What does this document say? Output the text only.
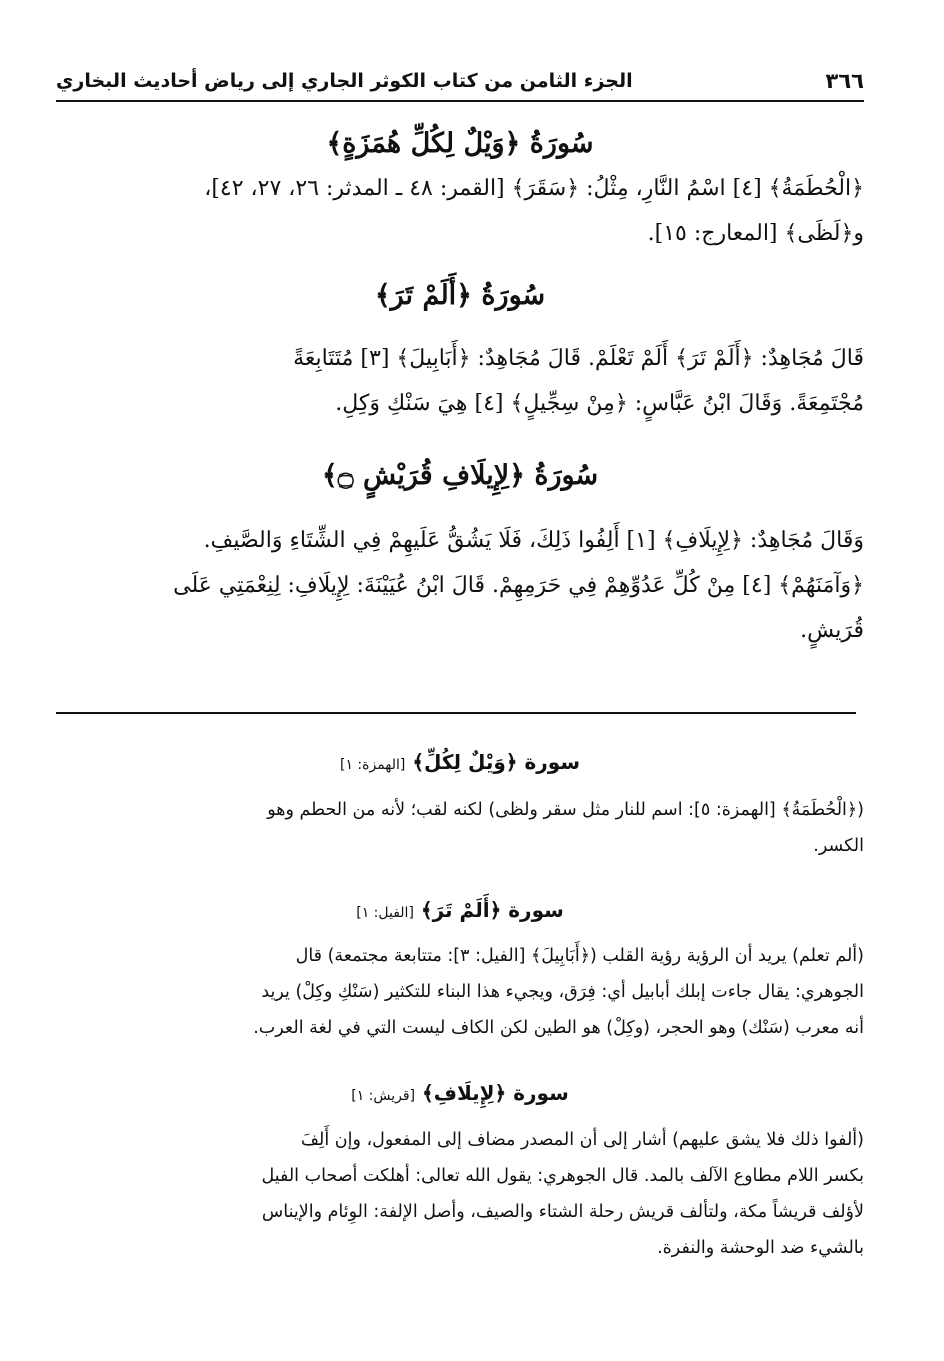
٣٦٦
الجزء الثامن من كتاب الكوثر الجاري إلى رياض أحاديث البخاري
سُورَةُ ﴿وَيْلٌ لِكُلِّ هُمَزَةٍ﴾
﴿الْحُطَمَةُ﴾ [٤] اسْمُ النَّارِ، مِثْلُ: ﴿سَقَرَ﴾ [القمر: ٤٨ ـ المدثر: ٢٦، ٢٧، ٤٢]،
و﴿لَظَى﴾ [المعارج: ١٥].
سُورَةُ ﴿أَلَمْ تَرَ﴾
قَالَ مُجَاهِدٌ: ﴿أَلَمْ تَرَ﴾ أَلَمْ تَعْلَمْ. قَالَ مُجَاهِدٌ: ﴿أَبَابِيلَ﴾ [٣] مُتَتَابِعَةً
مُجْتَمِعَةً. وَقَالَ ابْنُ عَبَّاسٍ: ﴿مِنْ سِجِّيلٍ﴾ [٤] هِيَ سَنْكِ وَكِلِ.
سُورَةُ ﴿لِإِيلَافِ قُرَيْشٍ ۝﴾
وَقَالَ مُجَاهِدٌ: ﴿لِإِيلَافِ﴾ [١] أَلِفُوا ذَلِكَ، فَلَا يَشُقُّ عَلَيهِمْ فِي الشِّتَاءِ وَالصَّيفِ.
﴿وَآمَنَهُمْ﴾ [٤] مِنْ كُلِّ عَدُوِّهِمْ فِي حَرَمِهِمْ. قَالَ ابْنُ عُيَيْنَةَ: لِإِيلَافِ: لِنِعْمَتِي عَلَى
قُرَيشٍ.
سورة ﴿وَيْلٌ لِكُلِّ﴾ [الهمزة: ١]
(﴿الْحُطَمَةُ﴾ [الهمزة: ٥]: اسم للنار مثل سقر ولظى) لكنه لقب؛ لأنه من الحطم وهو
الكسر.
سورة ﴿أَلَمْ تَرَ﴾ [الفيل: ١]
(ألم تعلم) يريد أن الرؤية رؤية القلب (﴿أَبَابِيلَ﴾ [الفيل: ٣]: متتابعة مجتمعة) قال
الجوهري: يقال جاءت إبلك أبابيل أي: فِرَق، ويجيء هذا البناء للتكثير (سَنْكِ وكِلْ) يريد
أنه معرب (سَنْك) وهو الحجر، (وكِلْ) هو الطين لكن الكاف ليست التي في لغة العرب.
سورة ﴿لِإِيلَافِ﴾ [قريش: ١]
(ألفوا ذلك فلا يشق عليهم) أشار إلى أن المصدر مضاف إلى المفعول، وإن أَلِفَ
بكسر اللام مطاوع الآلف بالمد. قال الجوهري: يقول الله تعالى: أهلكت أصحاب الفيل
لأؤلف قريشاً مكة، ولتألف قريش رحلة الشتاء والصيف، وأصل الإلفة: الوِئام والإيناس
بالشيء ضد الوحشة والنفرة.
